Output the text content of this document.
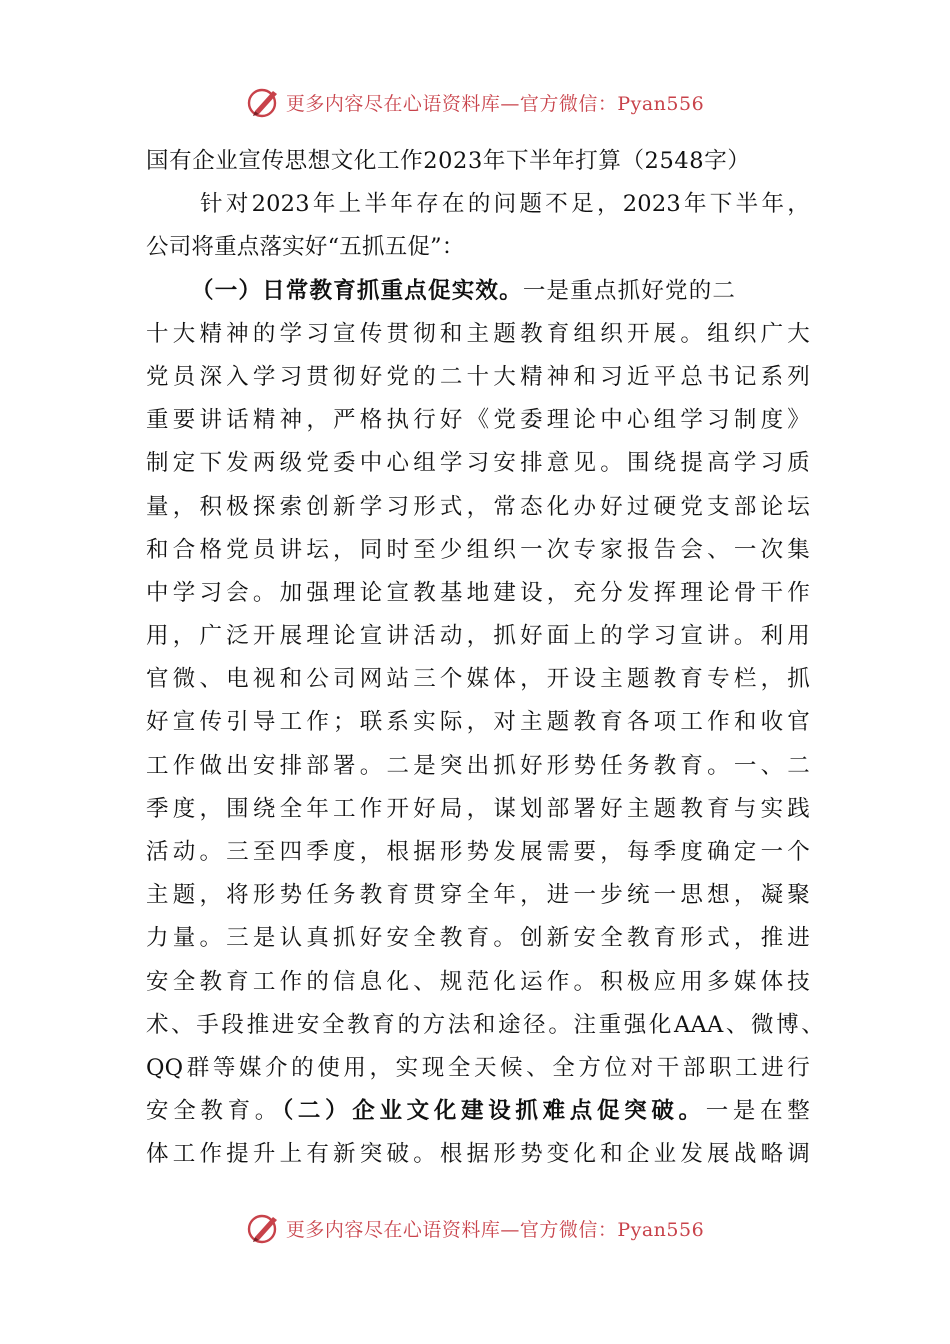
更多内容尽在心语资料库—官方微信：Pyan556
国有企业宣传思想文化工作2023年下半年打算（2548字）
针对2023年上半年存在的问题不足，2023年下半年，
公司将重点落实好“五抓五促”：
（一）日常教育抓重点促实效。一是重点抓好党的二
十大精神的学习宣传贯彻和主题教育组织开展。组织广大
党员深入学习贯彻好党的二十大精神和习近平总书记系列
重要讲话精神，严格执行好《党委理论中心组学习制度》
制定下发两级党委中心组学习安排意见。围绕提高学习质
量，积极探索创新学习形式，常态化办好过硬党支部论坛
和合格党员讲坛，同时至少组织一次专家报告会、一次集
中学习会。加强理论宣教基地建设，充分发挥理论骨干作
用，广泛开展理论宣讲活动，抓好面上的学习宣讲。利用
官微、电视和公司网站三个媒体，开设主题教育专栏，抓
好宣传引导工作；联系实际，对主题教育各项工作和收官
工作做出安排部署。二是突出抓好形势任务教育。一、二
季度，围绕全年工作开好局，谋划部署好主题教育与实践
活动。三至四季度，根据形势发展需要，每季度确定一个
主题，将形势任务教育贯穿全年，进一步统一思想，凝聚
力量。三是认真抓好安全教育。创新安全教育形式，推进
安全教育工作的信息化、规范化运作。积极应用多媒体技
术、手段推进安全教育的方法和途径。注重强化AAA、微博、
QQ群等媒介的使用，实现全天候、全方位对干部职工进行
安全教育。（二）企业文化建设抓难点促突破。一是在整
体工作提升上有新突破。根据形势变化和企业发展战略调
更多内容尽在心语资料库—官方微信：Pyan556
